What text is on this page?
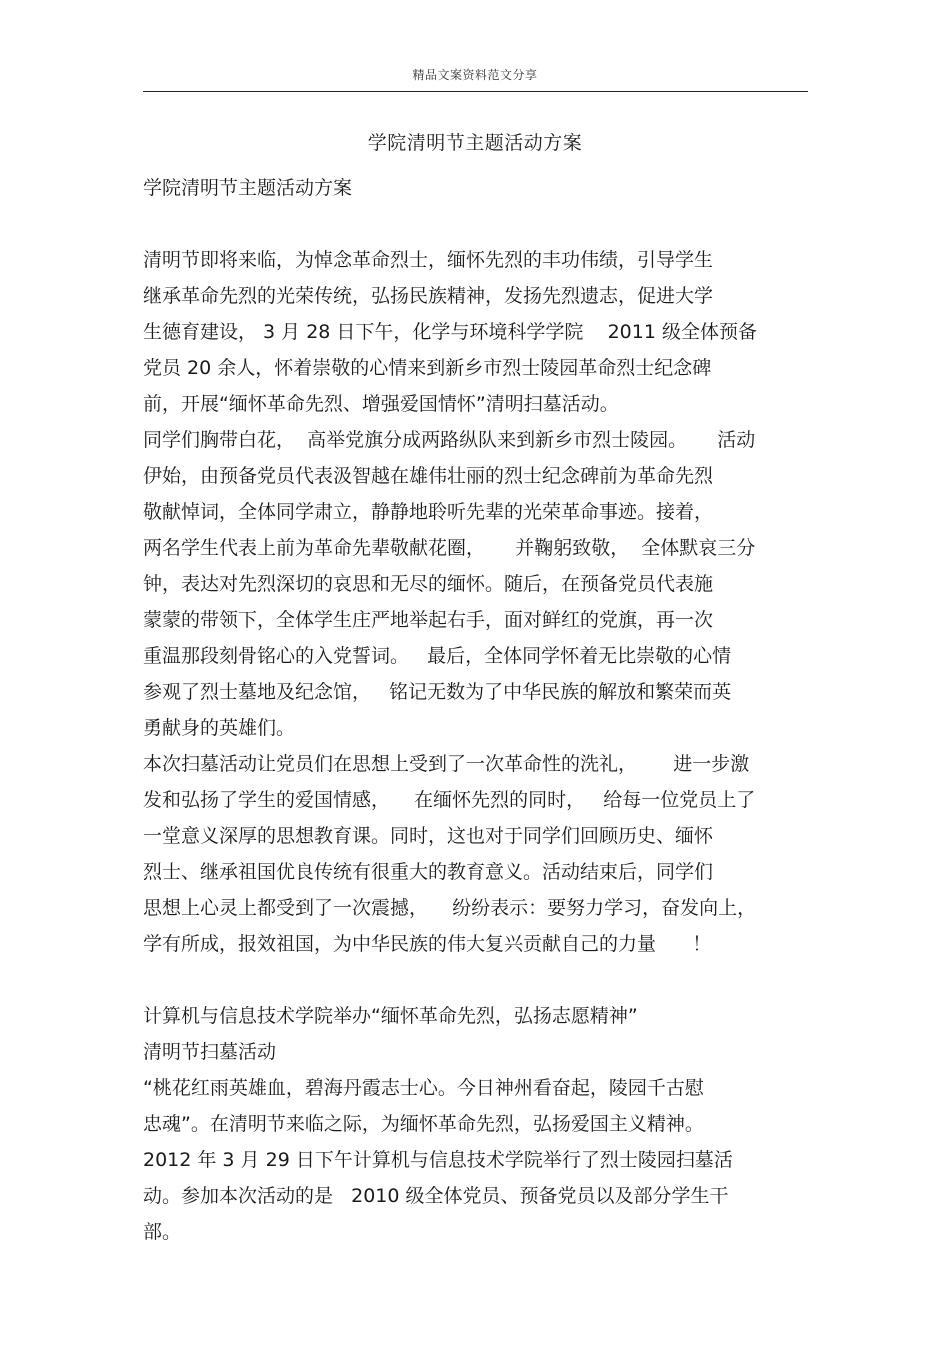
精品文案资料范文分享
学院清明节主题活动方案
学院清明节主题活动方案
清明节即将来临，为悼念革命烈士，缅怀先烈的丰功伟绩，引导学生
继承革命先烈的光荣传统，弘扬民族精神，发扬先烈遗志，促进大学
生德育建设， 3 月 28 日下午，化学与环境科学学院    2011 级全体预备
党员 20 余人，怀着崇敬的心情来到新乡市烈士陵园革命烈士纪念碑
前，开展“缅怀革命先烈、增强爱国情怀”清明扫墓活动。
同学们胸带白花，  高举党旗分成两路纵队来到新乡市烈士陵园。     活动
伊始，由预备党员代表汲智越在雄伟壮丽的烈士纪念碑前为革命先烈
敬献悼词，全体同学肃立，静静地聆听先辈的光荣革命事迹。接着，
两名学生代表上前为革命先辈敬献花圈，     并鞠躬致敬，  全体默哀三分
钟，表达对先烈深切的哀思和无尽的缅怀。随后，在预备党员代表施
蒙蒙的带领下，全体学生庄严地举起右手，面对鲜红的党旗，再一次
重温那段刻骨铭心的入党誓词。   最后，全体同学怀着无比崇敬的心情
参观了烈士墓地及纪念馆，   铭记无数为了中华民族的解放和繁荣而英
勇献身的英雄们。
本次扫墓活动让党员们在思想上受到了一次革命性的洗礼，      进一步激
发和弘扬了学生的爱国情感，    在缅怀先烈的同时，   给每一位党员上了
一堂意义深厚的思想教育课。同时，这也对于同学们回顾历史、缅怀
烈士、继承祖国优良传统有很重大的教育意义。活动结束后，同学们
思想上心灵上都受到了一次震撼，    纷纷表示：要努力学习，奋发向上，
学有所成，报效祖国，为中华民族的伟大复兴贡献自己的力量      ！
计算机与信息技术学院举办“缅怀革命先烈，弘扬志愿精神”
清明节扫墓活动
“桃花红雨英雄血，碧海丹霞志士心。今日神州看奋起，陵园千古慰
忠魂”。在清明节来临之际，为缅怀革命先烈，弘扬爱国主义精神。
2012 年 3 月 29 日下午计算机与信息技术学院举行了烈士陵园扫墓活
动。参加本次活动的是   2010 级全体党员、预备党员以及部分学生干
部。
